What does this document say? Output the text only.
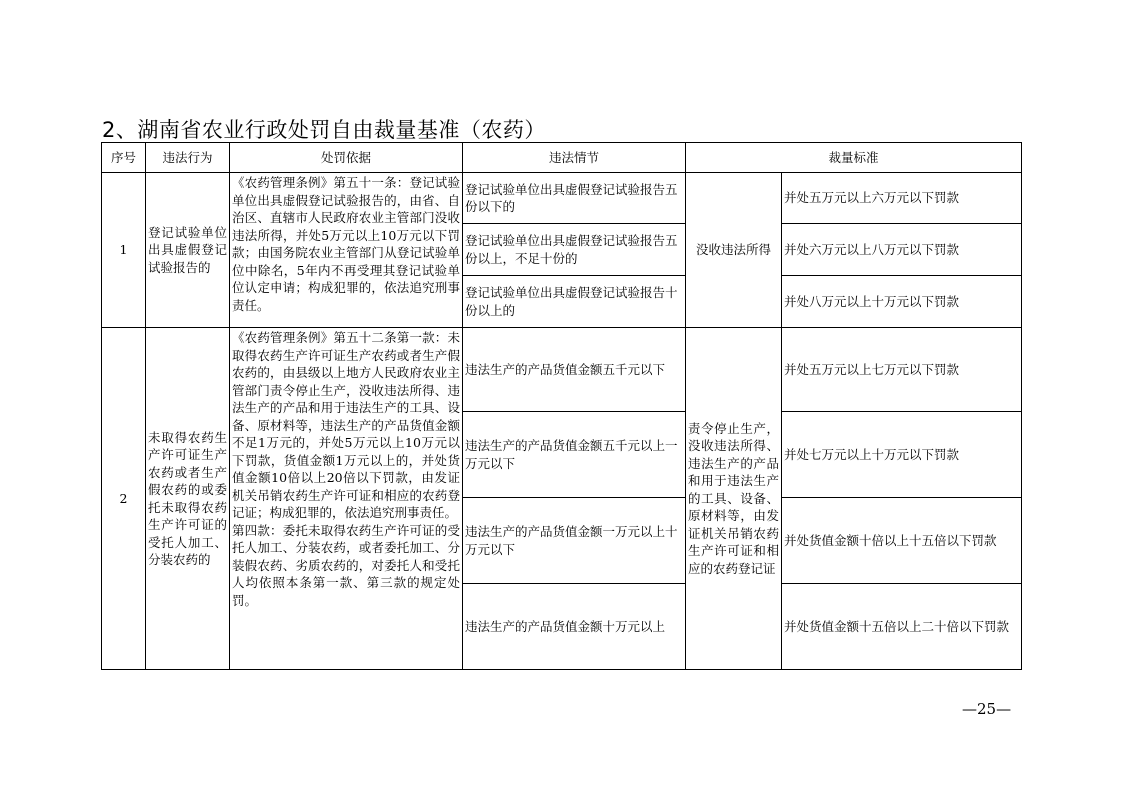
2、湖南省农业行政处罚自由裁量基准（农药）
序号	违法行为	处罚依据	违法情节	裁量标准	
1	登记试验单位出具虚假登记试验报告的	《农药管理条例》第五十一条：登记试验单位出具虚假登记试验报告的，由省、自治区、直辖市人民政府农业主管部门没收违法所得，并处5万元以上10万元以下罚款；由国务院农业主管部门从登记试验单位中除名，5年内不再受理其登记试验单位认定申请；构成犯罪的，依法追究刑事责任。	登记试验单位出具虚假登记试验报告五份以下的	没收违法所得	并处五万元以上六万元以下罚款
			登记试验单位出具虚假登记试验报告五份以上，不足十份的		并处六万元以上八万元以下罚款
			登记试验单位出具虚假登记试验报告十份以上的		并处八万元以上十万元以下罚款
2	未取得农药生产许可证生产农药或者生产假农药的或委托未取得农药生产许可证的受托人加工、分装农药的	《农药管理条例》第五十二条第一款：未取得农药生产许可证生产农药或者生产假农药的，由县级以上地方人民政府农业主管部门责令停止生产，没收违法所得、违法生产的产品和用于违法生产的工具、设备、原材料等，违法生产的产品货值金额不足1万元的，并处5万元以上10万元以下罚款，货值金额1万元以上的，并处货值金额10倍以上20倍以下罚款，由发证机关吊销农药生产许可证和相应的农药登记证；构成犯罪的，依法追究刑事责任。
第四款：委托未取得农药生产许可证的受托人加工、分装农药，或者委托加工、分装假农药、劣质农药的，对委托人和受托人均依照本条第一款、第三款的规定处罚。	违法生产的产品货值金额五千元以下	责令停止生产，没收违法所得、违法生产的产品和用于违法生产的工具、设备、原材料等，由发证机关吊销农药生产许可证和相应的农药登记证	并处五万元以上七万元以下罚款
			违法生产的产品货值金额五千元以上一万元以下		并处七万元以上十万元以下罚款
			违法生产的产品货值金额一万元以上十万元以下		并处货值金额十倍以上十五倍以下罚款
			违法生产的产品货值金额十万元以上		并处货值金额十五倍以上二十倍以下罚款
—25—
